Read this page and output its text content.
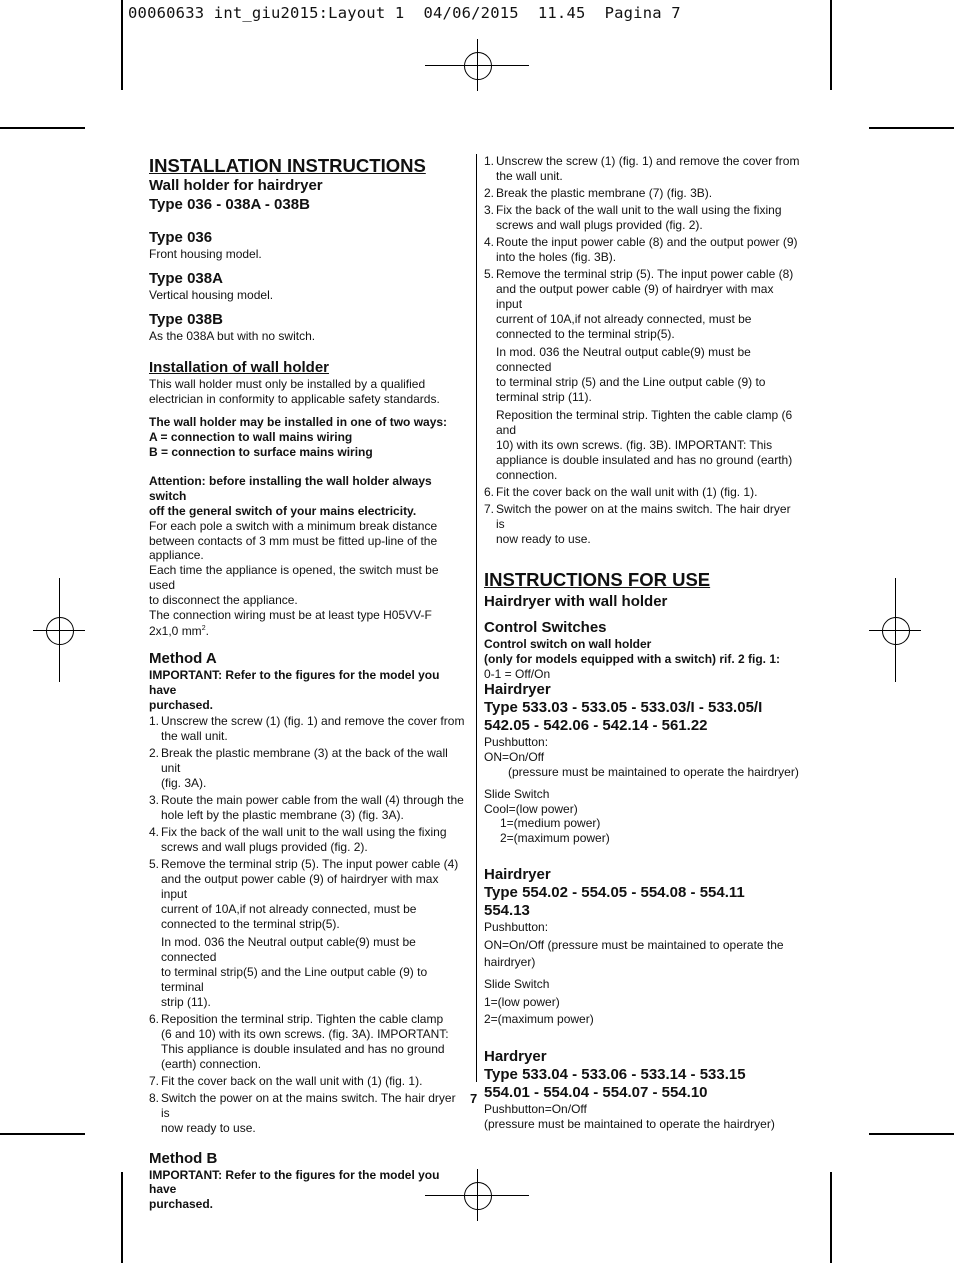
00060633 int_giu2015:Layout 1  04/06/2015  11.45  Pagina 7
INSTALLATION INSTRUCTIONS
Wall holder for hairdryer
Type 036 - 038A - 038B
Type 036
Front housing model.
Type 038A
Vertical housing model.
Type 038B
As the 038A but with no switch.
Installation of wall holder
This wall holder must only be installed by a qualified
electrician in conformity to applicable safety standards.
The wall holder may be installed in one of two ways:
A = connection to wall mains wiring
B = connection to surface mains wiring
Attention: before installing the wall holder always switch
off the general switch of your mains electricity.
For each pole a switch with a minimum break distance
between contacts of 3 mm must be fitted up-line of the
appliance.
Each time the appliance is opened, the switch must be used
to disconnect the appliance.
The connection wiring must be at least type H05VV-F
2x1,0 $mm^2$.
Method A
IMPORTANT: Refer to the figures for the model you have
purchased.
1. Unscrew the screw (1) (fig. 1) and remove the cover from
the wall unit.
2. Break the plastic membrane (3) at the back of the wall unit
(fig. 3A).
3. Route the main power cable from the wall (4) through the
hole left by the plastic membrane (3) (fig. 3A).
4. Fix the back of the wall unit to the wall using the fixing
screws and wall plugs provided (fig. 2).
5. Remove the terminal strip (5). The input power cable (4)
and the output power cable (9) of hairdryer with max input
current of 10A,if not already connected, must be
connected to the terminal strip(5).
In mod. 036 the Neutral output cable(9) must be connected
to terminal strip(5) and the Line output cable (9) to terminal
strip (11).
6. Reposition the terminal strip. Tighten the cable clamp
(6 and 10) with its own screws. (fig. 3A). IMPORTANT:
This appliance is double insulated and has no ground
(earth) connection.
7. Fit the cover back on the wall unit with (1) (fig. 1).
8. Switch the power on at the mains switch. The hair dryer is
now ready to use.
Method B
IMPORTANT: Refer to the figures for the model you have
purchased.
1. Unscrew the screw (1) (fig. 1) and remove the cover from
the wall unit.
2. Break the plastic membrane (7) (fig. 3B).
3. Fix the back of the wall unit to the wall using the fixing
screws and wall plugs provided (fig. 2).
4. Route the input power cable (8) and the output power (9)
into the holes (fig. 3B).
5. Remove the terminal strip (5). The input power cable (8)
and the output power cable (9) of hairdryer with max input
current of 10A,if not already connected, must be
connected to the terminal strip(5).
In mod. 036 the Neutral output cable(9) must be connected
to terminal strip (5) and the Line output cable (9) to
terminal strip (11).
Reposition the terminal strip. Tighten the cable clamp (6 and
10) with its own screws. (fig. 3B). IMPORTANT: This
appliance is double insulated and has no ground (earth)
connection.
6. Fit the cover back on the wall unit with (1) (fig. 1).
7. Switch the power on at the mains switch. The hair dryer is
now ready to use.
INSTRUCTIONS FOR USE
Hairdryer with wall holder
Control Switches
Control switch on wall holder
(only for models equipped with a switch) rif. 2 fig. 1:
0-1 = Off/On
Hairdryer
Type 533.03 - 533.05 - 533.03/I - 533.05/I
542.05 - 542.06 - 542.14 - 561.22
Pushbutton:
ON=On/Off
(pressure must be maintained to operate the hairdryer)
Slide Switch
Cool=(low power)
1=(medium power)
2=(maximum power)
Hairdryer
Type 554.02 - 554.05 - 554.08 - 554.11
554.13
Pushbutton:
ON=On/Off (pressure must be maintained to operate the
hairdryer)
Slide Switch
1=(low power)
2=(maximum power)
Hardryer
Type 533.04 - 533.06 - 533.14 - 533.15
554.01 - 554.04 - 554.07 - 554.10
Pushbutton=On/Off
(pressure must be maintained to operate the hairdryer)
7
